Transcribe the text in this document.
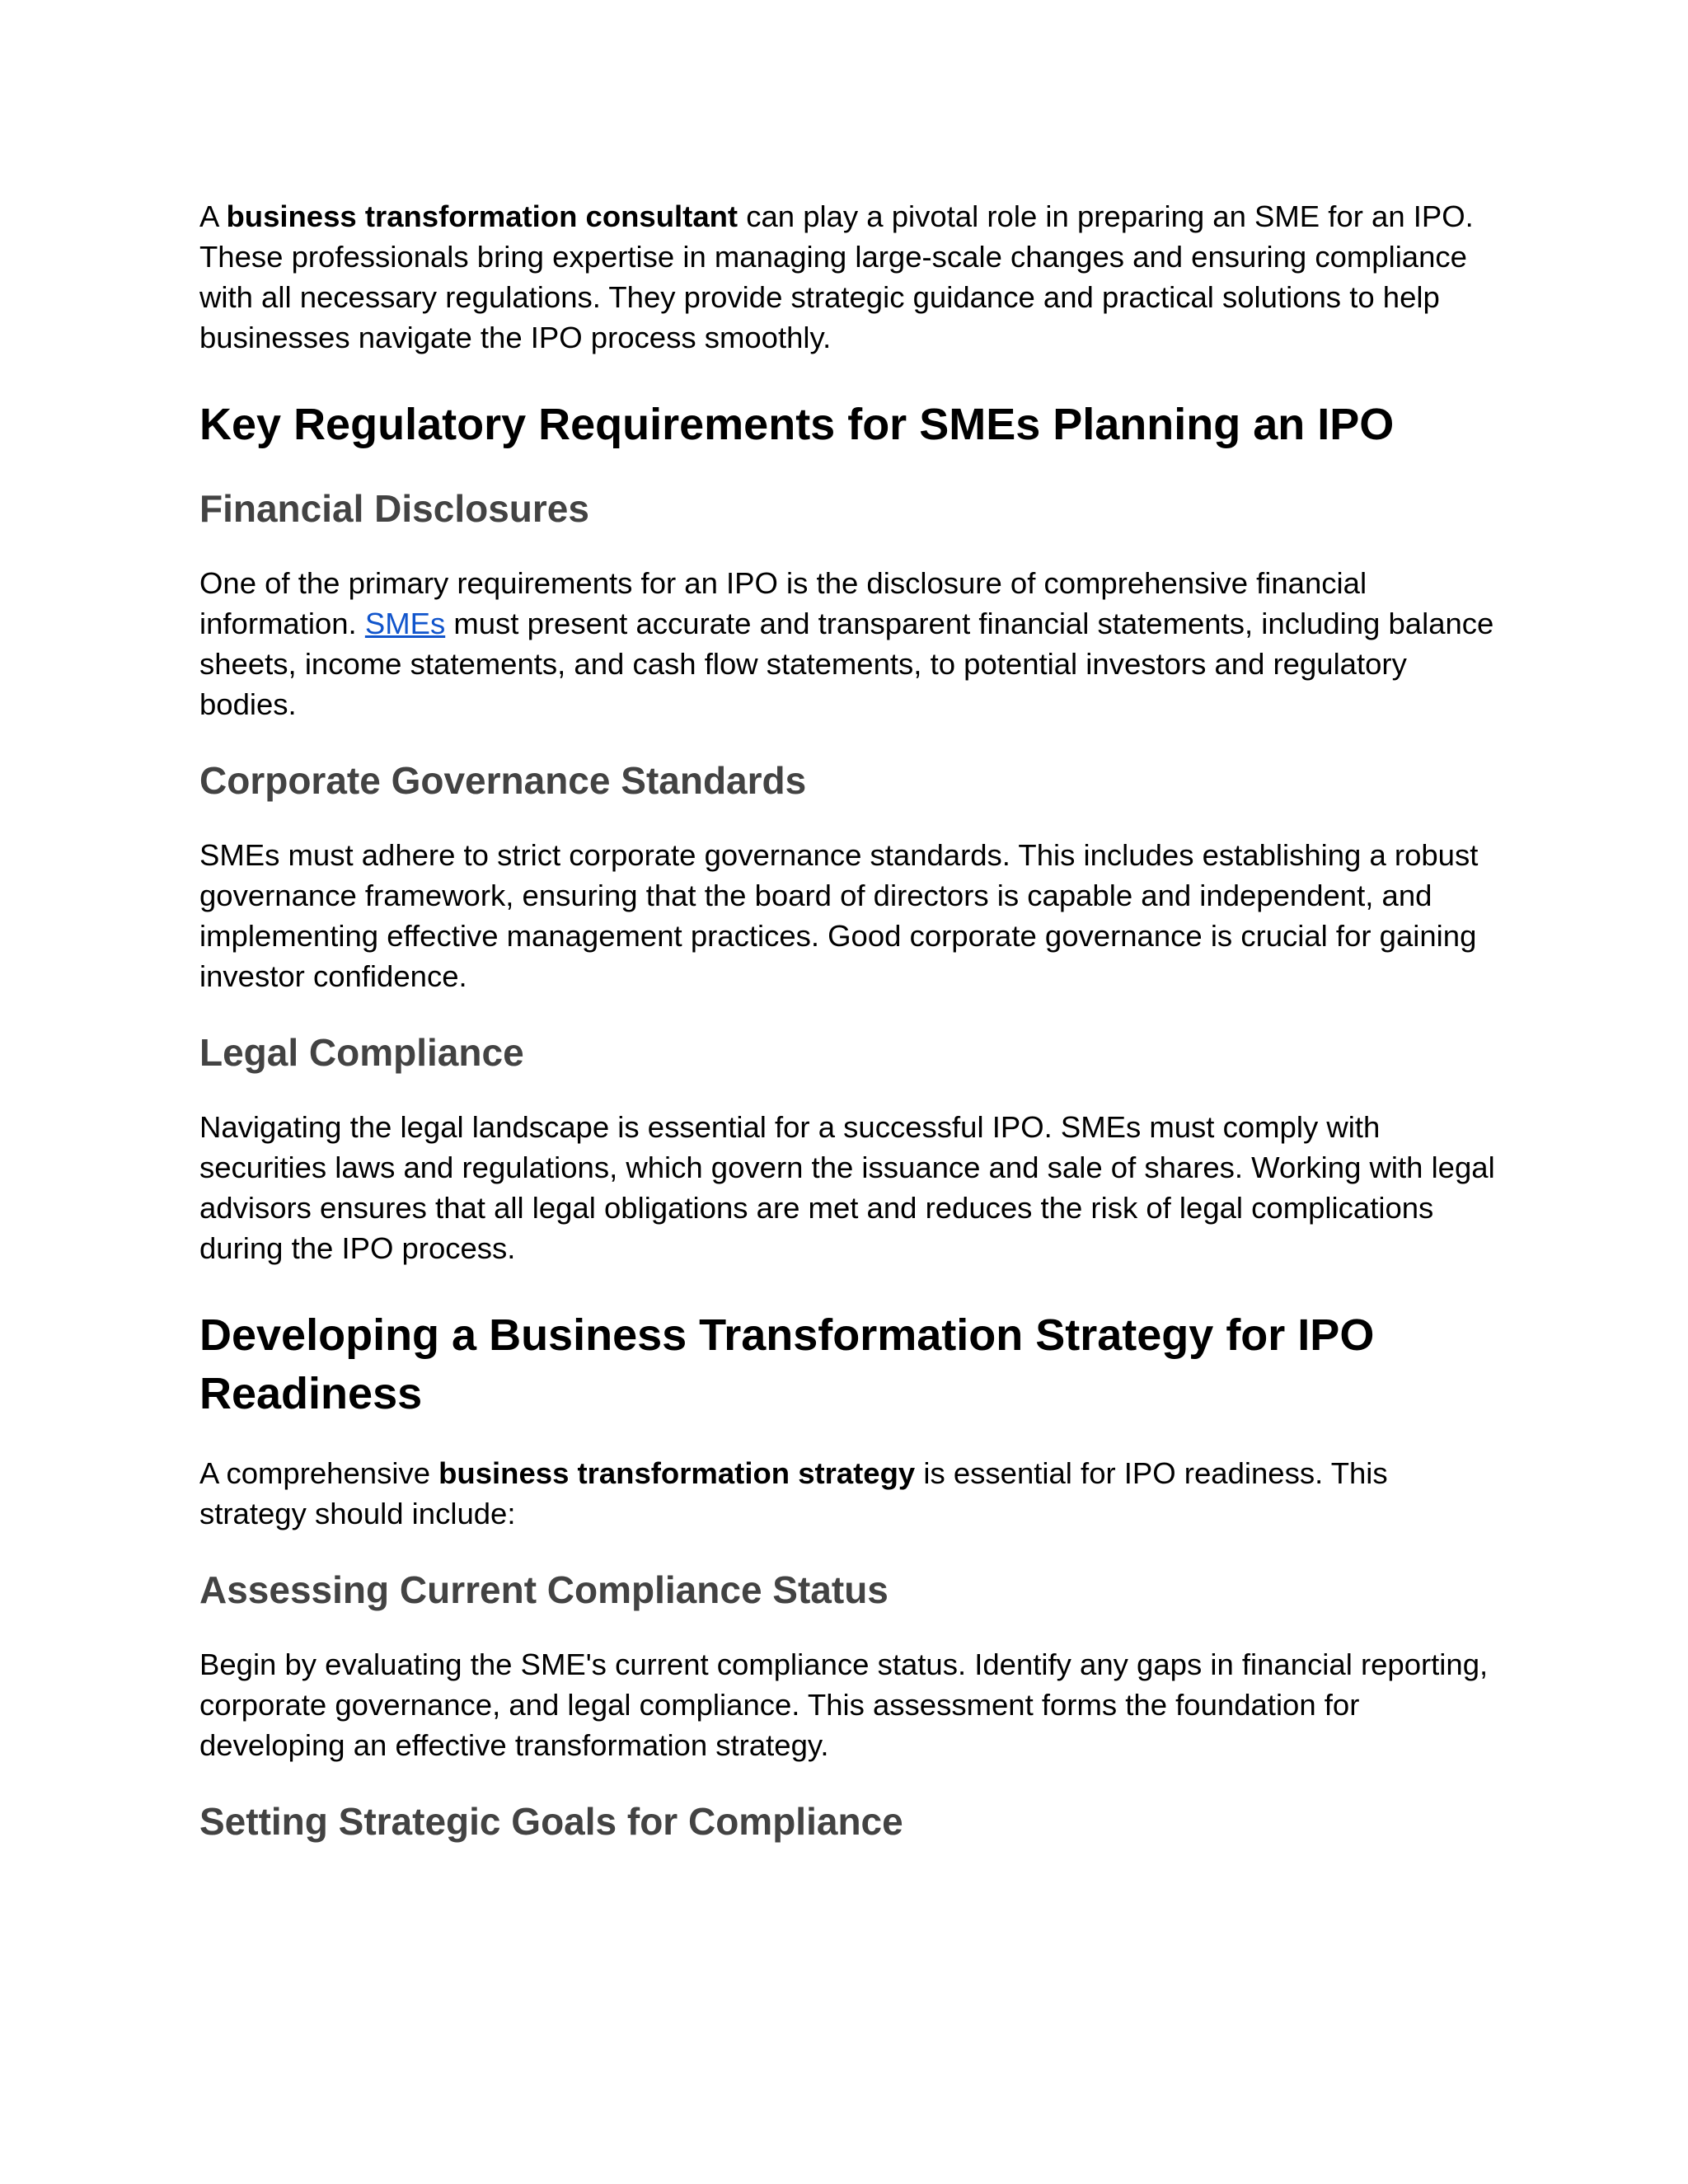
A business transformation consultant can play a pivotal role in preparing an SME for an IPO. These professionals bring expertise in managing large-scale changes and ensuring compliance with all necessary regulations. They provide strategic guidance and practical solutions to help businesses navigate the IPO process smoothly.

Key Regulatory Requirements for SMEs Planning an IPO
Financial Disclosures

One of the primary requirements for an IPO is the disclosure of comprehensive financial information. SMEs must present accurate and transparent financial statements, including balance sheets, income statements, and cash flow statements, to potential investors and regulatory bodies.

Corporate Governance Standards

SMEs must adhere to strict corporate governance standards. This includes establishing a robust governance framework, ensuring that the board of directors is capable and independent, and implementing effective management practices. Good corporate governance is crucial for gaining investor confidence.

Legal Compliance

Navigating the legal landscape is essential for a successful IPO. SMEs must comply with securities laws and regulations, which govern the issuance and sale of shares. Working with legal advisors ensures that all legal obligations are met and reduces the risk of legal complications during the IPO process.

Developing a Business Transformation Strategy for IPO Readiness

A comprehensive business transformation strategy is essential for IPO readiness. This strategy should include:

Assessing Current Compliance Status

Begin by evaluating the SME's current compliance status. Identify any gaps in financial reporting, corporate governance, and legal compliance. This assessment forms the foundation for developing an effective transformation strategy.

Setting Strategic Goals for Compliance
